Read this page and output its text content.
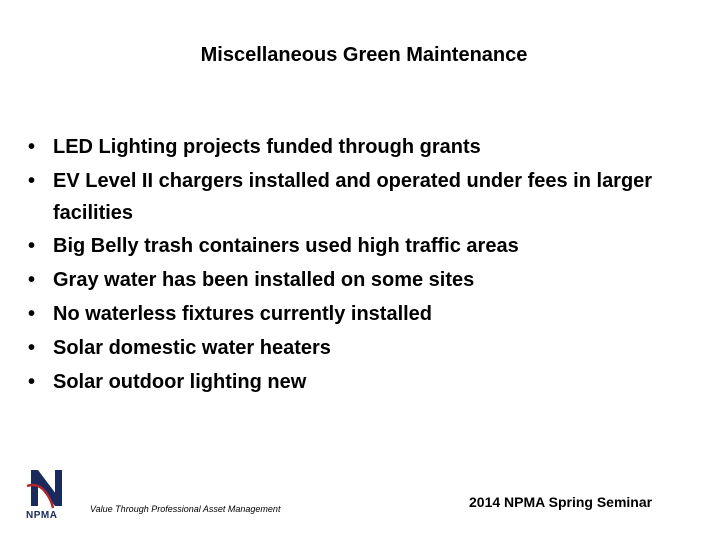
Miscellaneous Green Maintenance
• LED Lighting projects funded through grants
• EV Level II chargers installed and operated under fees in larger facilities
• Big Belly trash containers used high traffic areas
• Gray water has been installed on some sites
• No waterless fixtures currently installed
• Solar domestic water heaters
• Solar outdoor lighting new
NPMA
Value Through Professional Asset Management	2014 NPMA Spring Seminar
